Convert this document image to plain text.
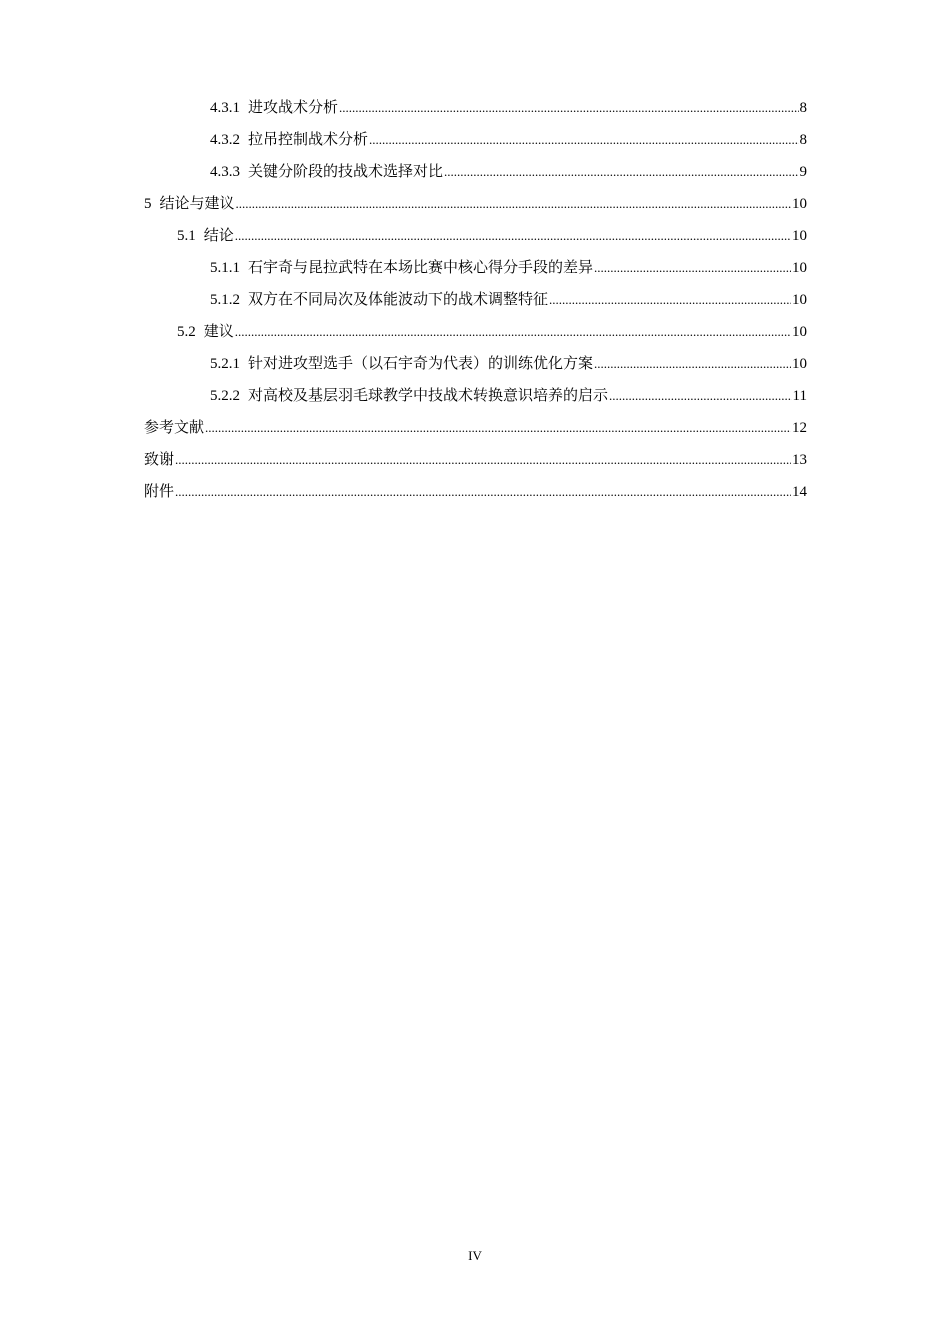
4.3.1 进攻战术分析 .....	8
4.3.2 拉吊控制战术分析 .....	8
4.3.3 关键分阶段的技战术选择对比 .....	9
5 结论与建议 .....	10
5.1 结论 .....	10
5.1.1 石宇奇与昆拉武特在本场比赛中核心得分手段的差异 .....	10
5.1.2 双方在不同局次及体能波动下的战术调整特征 .....	10
5.2 建议 .....	10
5.2.1 针对进攻型选手（以石宇奇为代表）的训练优化方案 .....	10
5.2.2 对高校及基层羽毛球教学中技战术转换意识培养的启示 .....	11
参考文献 .....	12
致谢 .....	13
附件 .....	14
IV
